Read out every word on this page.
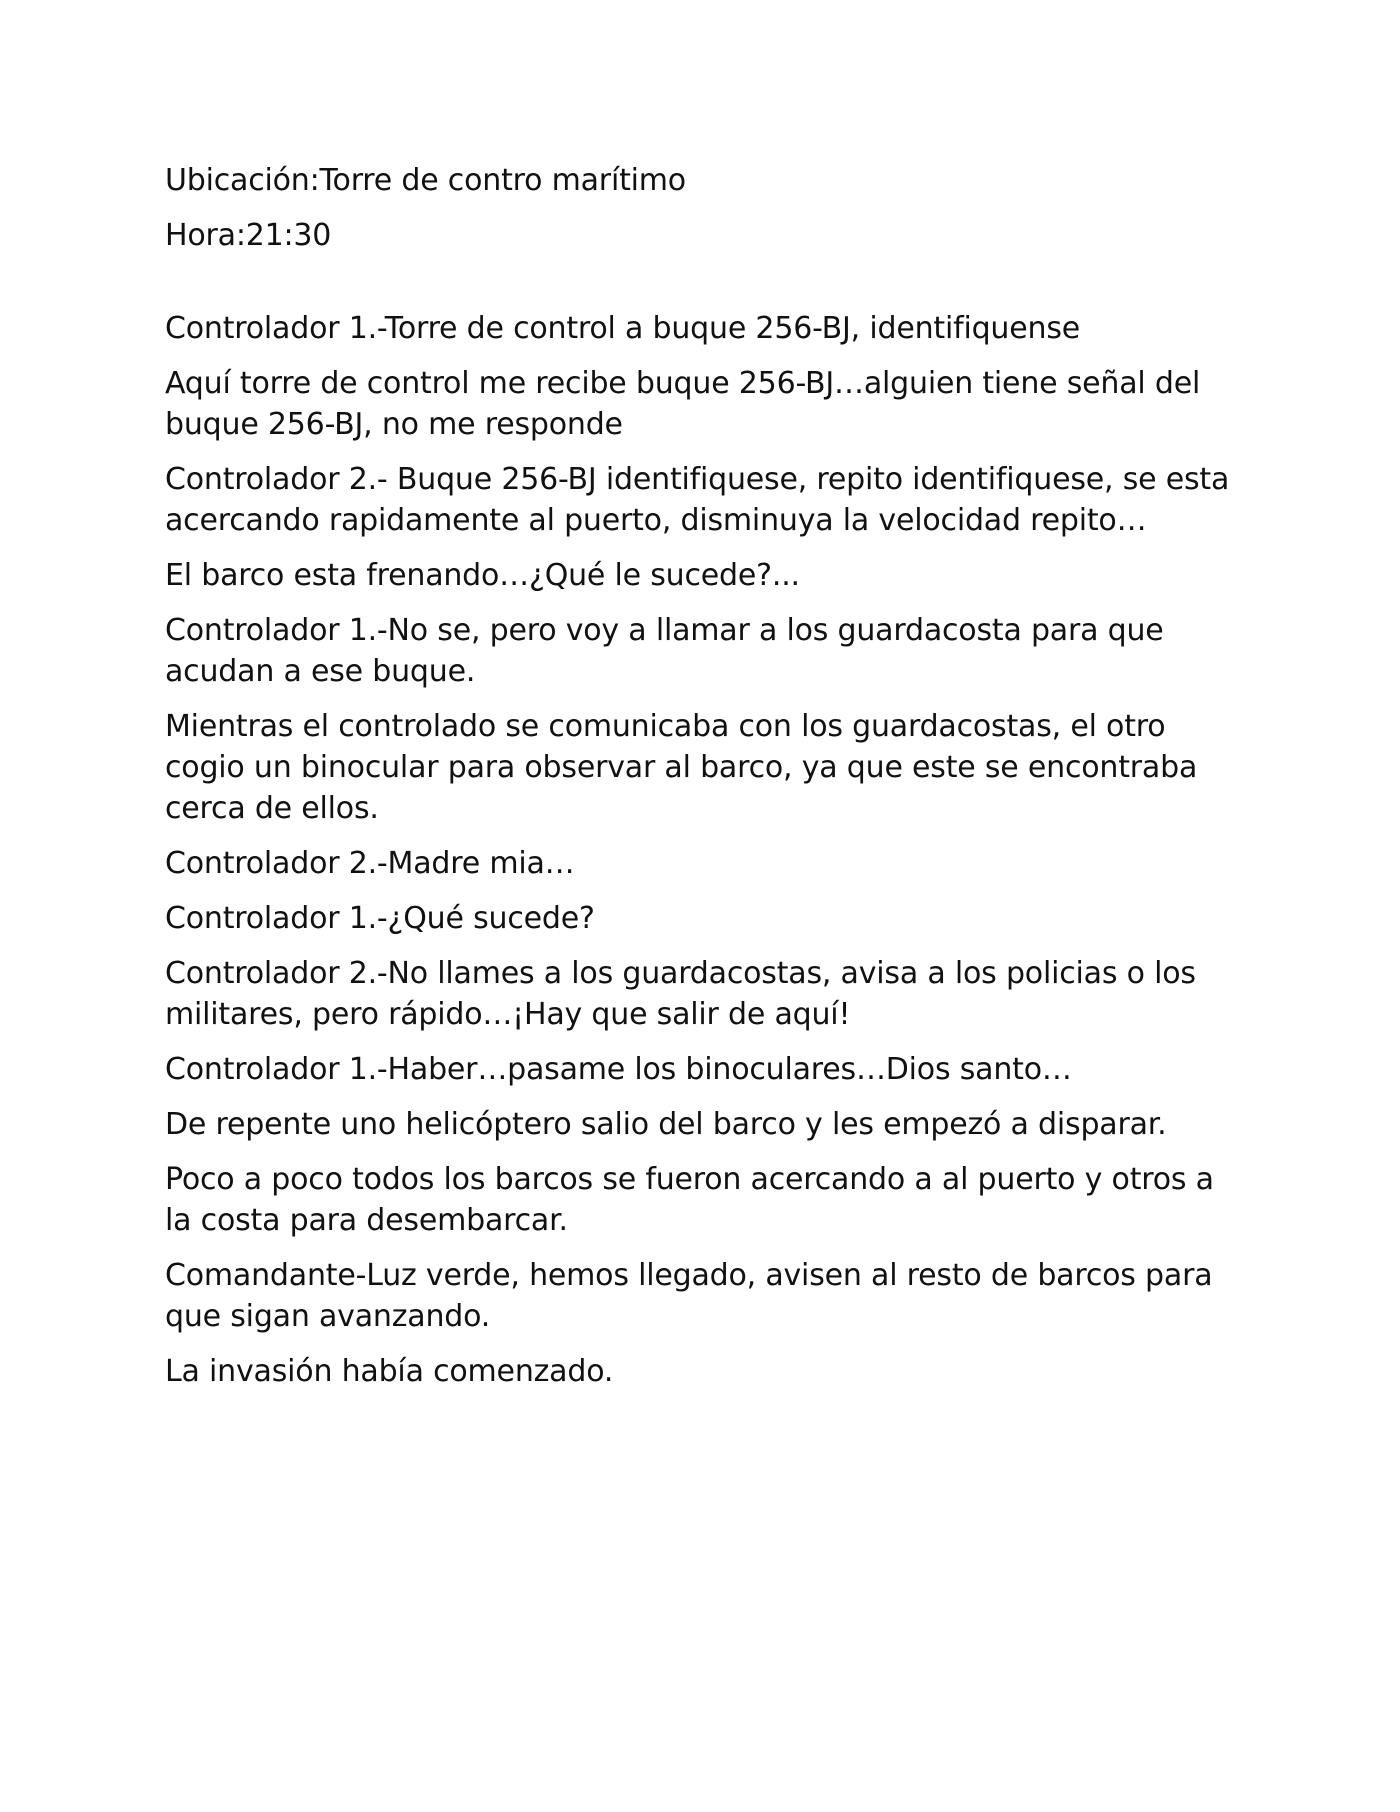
Ubicación:Torre de contro marítimo

Hora:21:30

Controlador 1.-Torre de control a buque 256-BJ, identifiquense

Aquí torre de control me recibe buque 256-BJ…alguien tiene señal del buque 256-BJ, no me responde

Controlador 2.- Buque 256-BJ identifiquese, repito identifiquese, se esta acercando rapidamente al puerto, disminuya la velocidad repito…

El barco esta frenando…¿Qué le sucede?...

Controlador 1.-No se, pero voy a llamar a los guardacosta para que acudan a ese buque.

Mientras el controlado se comunicaba con los guardacostas, el otro cogio un binocular para observar al barco, ya que este se encontraba cerca de ellos.

Controlador 2.-Madre mia…

Controlador 1.-¿Qué sucede?

Controlador 2.-No llames a los guardacostas, avisa a los policias o los militares, pero rápido…¡Hay que salir de aquí!

Controlador 1.-Haber…pasame los binoculares…Dios santo…

De repente uno helicóptero salio del barco y les empezó a disparar.

Poco a poco todos los barcos se fueron acercando a al puerto y otros a la costa para desembarcar.

Comandante-Luz verde, hemos llegado, avisen al resto de barcos para que sigan avanzando.

La invasión había comenzado.
